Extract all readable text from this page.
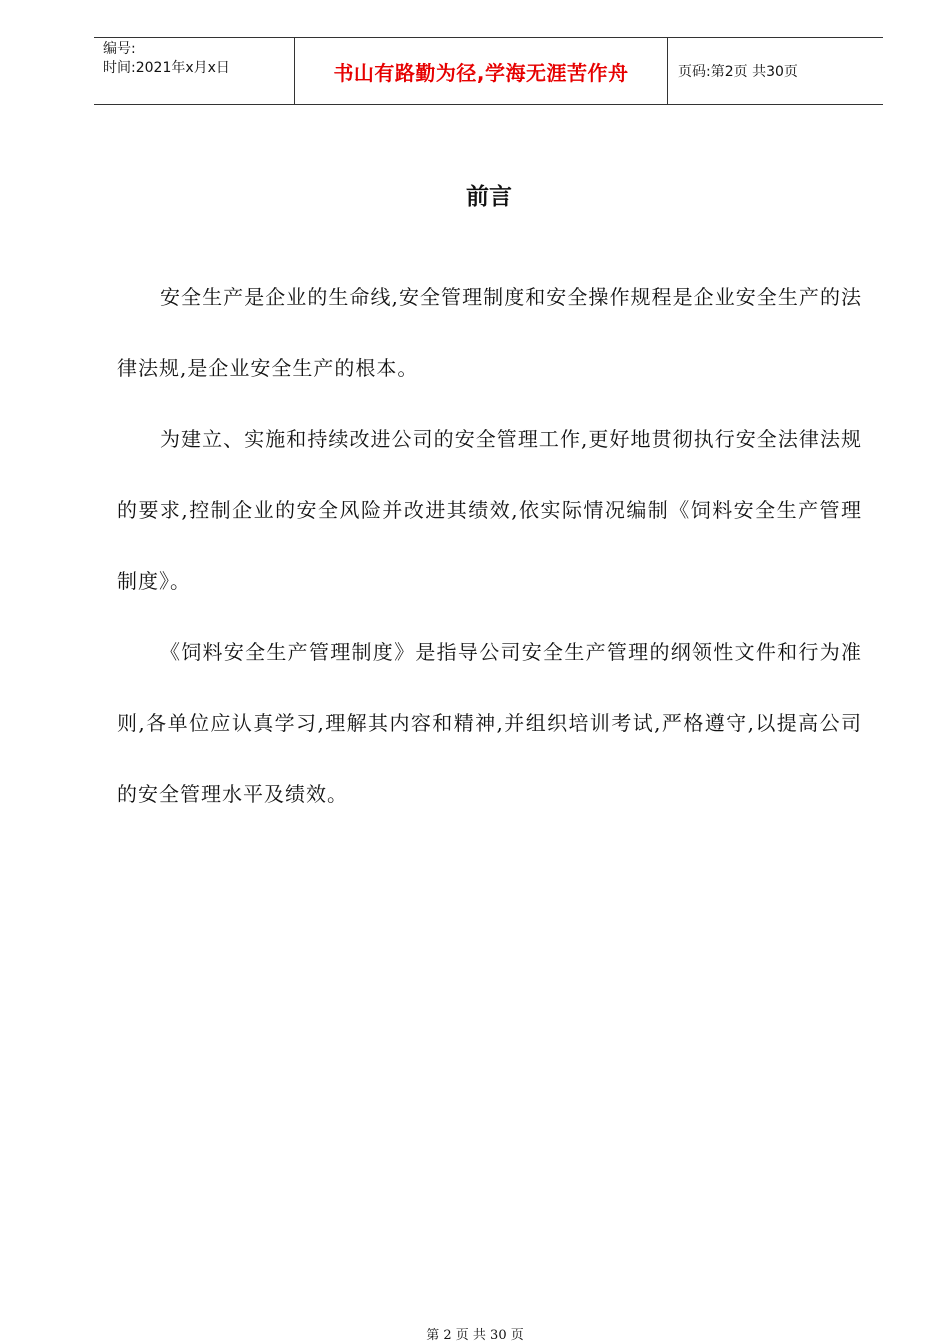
编号:
时间:2021年x月x日	书山有路勤为径,学海无涯苦作舟	页码:第2页 共30页
前言

安全生产是企业的生命线,安全管理制度和安全操作规程是企业安全生产的法律法规,是企业安全生产的根本。

为建立、实施和持续改进公司的安全管理工作,更好地贯彻执行安全法律法规的要求,控制企业的安全风险并改进其绩效,依实际情况编制《饲料安全生产管理制度》。

《饲料安全生产管理制度》是指导公司安全生产管理的纲领性文件和行为准则,各单位应认真学习,理解其内容和精神,并组织培训考试,严格遵守,以提高公司的安全管理水平及绩效。

第 2 页 共 30 页
